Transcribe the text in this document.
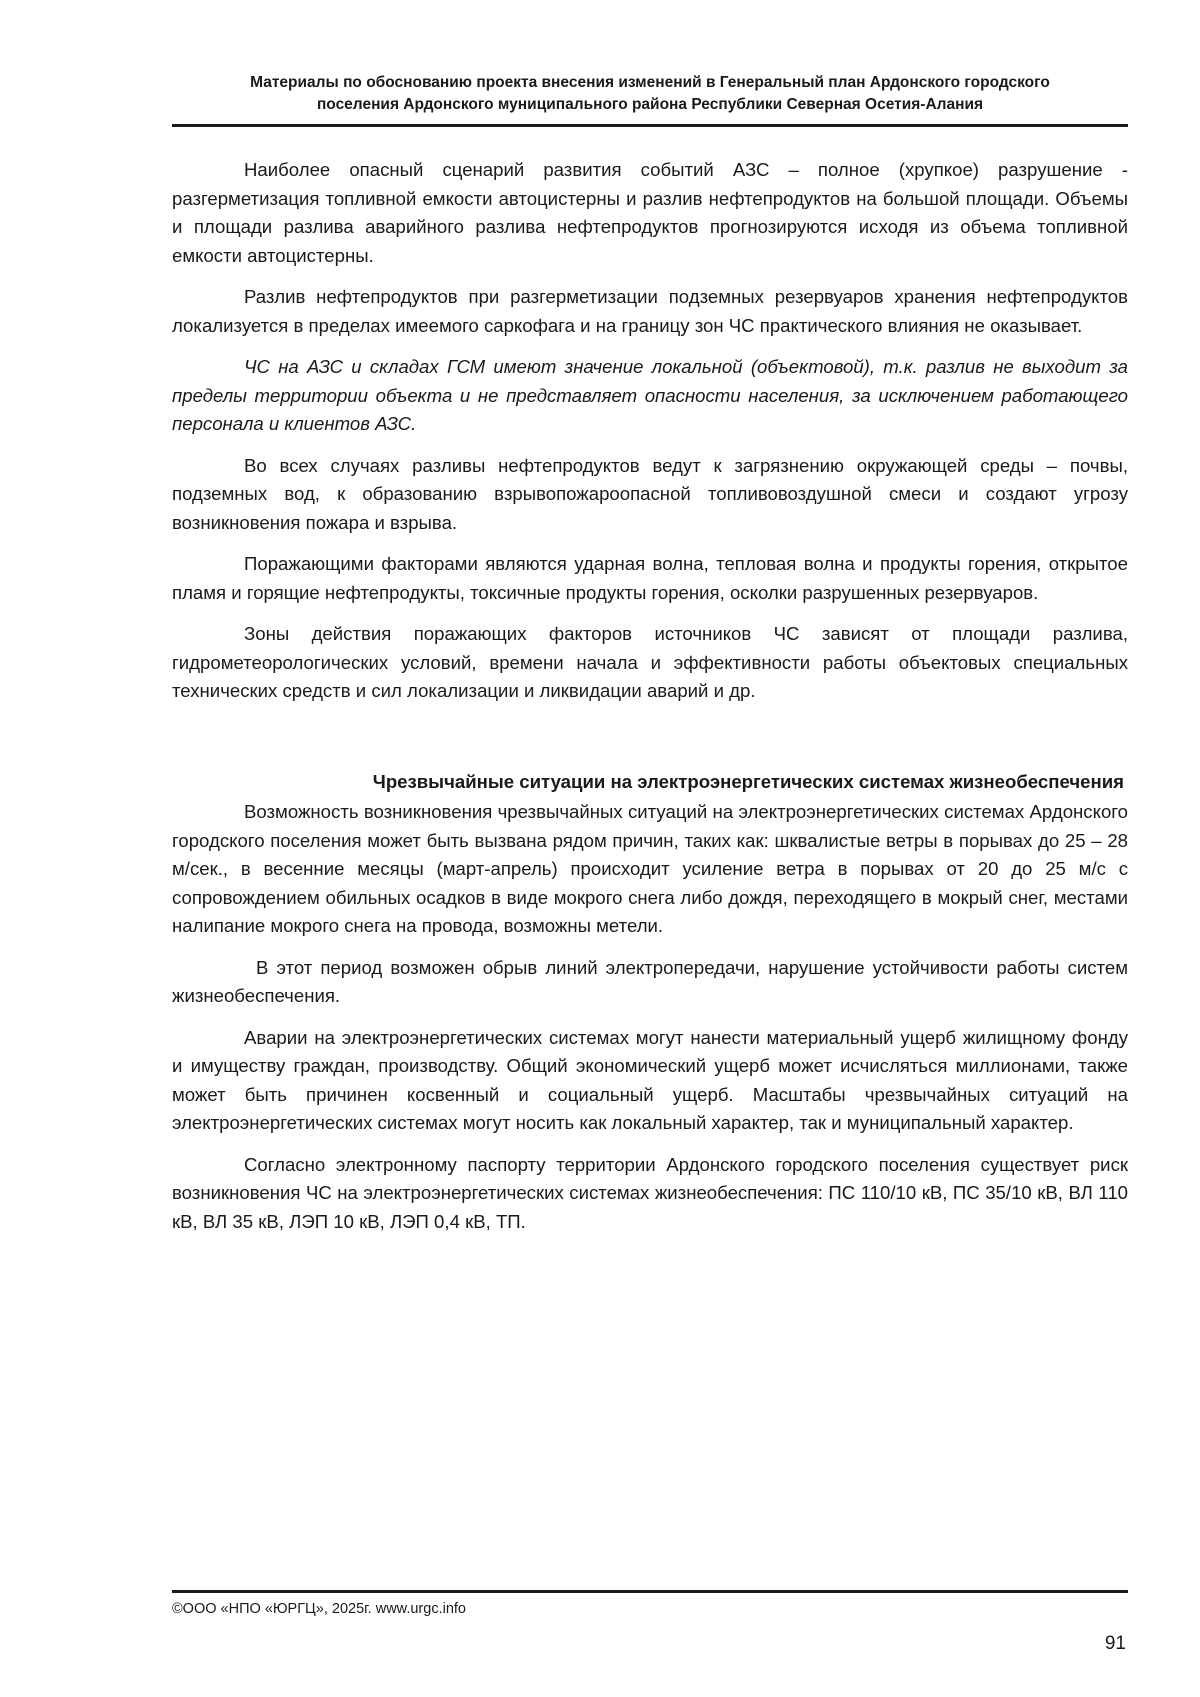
Материалы по обоснованию проекта внесения изменений в Генеральный план Ардонского городского
поселения Ардонского муниципального района Республики Северная Осетия-Алания

Наиболее опасный сценарий развития событий АЗС – полное (хрупкое) разрушение - разгерметизация топливной емкости автоцистерны и разлив нефтепродуктов на большой площади. Объемы и площади разлива аварийного разлива нефтепродуктов прогнозируются исходя из объема топливной емкости автоцистерны.

Разлив нефтепродуктов при разгерметизации подземных резервуаров хранения нефтепродуктов локализуется в пределах имеемого саркофага и на границу зон ЧС практического влияния не оказывает.

ЧС на АЗС и складах ГСМ имеют значение локальной (объектовой), т.к. разлив не выходит за пределы территории объекта и не представляет опасности населения, за исключением работающего персонала и клиентов АЗС.

Во всех случаях разливы нефтепродуктов ведут к загрязнению окружающей среды – почвы, подземных вод, к образованию взрывопожароопасной топливовоздушной смеси и создают угрозу возникновения пожара и взрыва.

Поражающими факторами являются ударная волна, тепловая волна и продукты горения, открытое пламя и горящие нефтепродукты, токсичные продукты горения, осколки разрушенных резервуаров.

Зоны действия поражающих факторов источников ЧС зависят от площади разлива, гидрометеорологических условий, времени начала и эффективности работы объектовых специальных технических средств и сил локализации и ликвидации аварий и др.

Чрезвычайные ситуации на электроэнергетических системах жизнеобеспечения

Возможность возникновения чрезвычайных ситуаций на электроэнергетических системах Ардонского городского поселения может быть вызвана рядом причин, таких как: шквалистые ветры в порывах до 25 – 28 м/сек., в весенние месяцы (март-апрель) происходит усиление ветра в порывах от 20 до 25 м/с с сопровождением обильных осадков в виде мокрого снега либо дождя, переходящего в мокрый снег, местами налипание мокрого снега на провода, возможны метели.

В этот период возможен обрыв линий электропередачи, нарушение устойчивости работы систем жизнеобеспечения.

Аварии на электроэнергетических системах могут нанести материальный ущерб жилищному фонду и имуществу граждан, производству. Общий экономический ущерб может исчисляться миллионами, также может быть причинен косвенный и социальный ущерб. Масштабы чрезвычайных ситуаций на электроэнергетических системах могут носить как локальный характер, так и муниципальный характер.

Согласно электронному паспорту территории Ардонского городского поселения существует риск возникновения ЧС на электроэнергетических системах жизнеобеспечения: ПС 110/10 кВ, ПС 35/10 кВ, ВЛ 110 кВ, ВЛ 35 кВ, ЛЭП 10 кВ, ЛЭП 0,4 кВ, ТП.

©ООО «НПО «ЮРГЦ», 2025г. www.urgc.info
91
